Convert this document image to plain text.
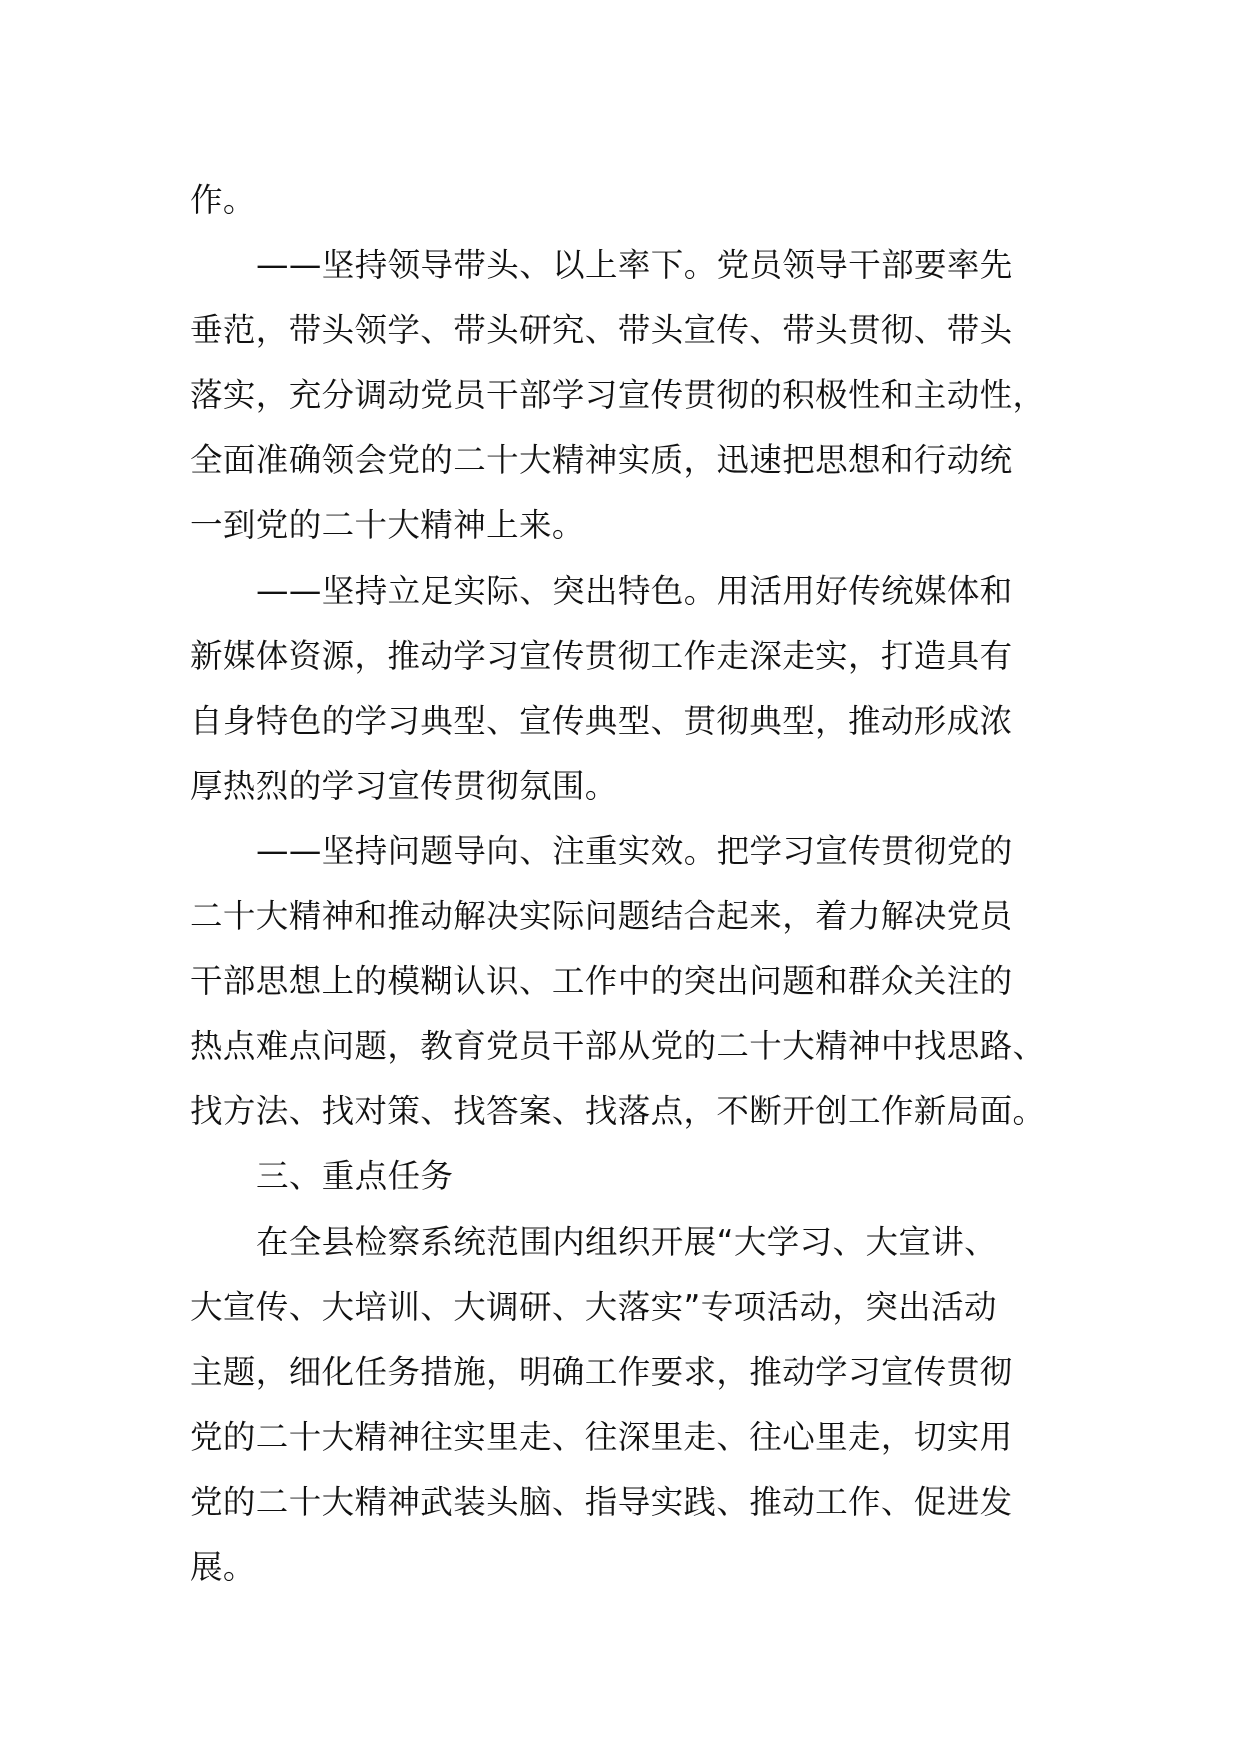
作。
——坚持领导带头、以上率下。党员领导干部要率先
垂范，带头领学、带头研究、带头宣传、带头贯彻、带头
落实，充分调动党员干部学习宣传贯彻的积极性和主动性，
全面准确领会党的二十大精神实质，迅速把思想和行动统
一到党的二十大精神上来。
——坚持立足实际、突出特色。用活用好传统媒体和
新媒体资源，推动学习宣传贯彻工作走深走实，打造具有
自身特色的学习典型、宣传典型、贯彻典型，推动形成浓
厚热烈的学习宣传贯彻氛围。
——坚持问题导向、注重实效。把学习宣传贯彻党的
二十大精神和推动解决实际问题结合起来，着力解决党员
干部思想上的模糊认识、工作中的突出问题和群众关注的
热点难点问题，教育党员干部从党的二十大精神中找思路、
找方法、找对策、找答案、找落点，不断开创工作新局面。
三、重点任务
在全县检察系统范围内组织开展“大学习、大宣讲、
大宣传、大培训、大调研、大落实”专项活动，突出活动
主题，细化任务措施，明确工作要求，推动学习宣传贯彻
党的二十大精神往实里走、往深里走、往心里走，切实用
党的二十大精神武装头脑、指导实践、推动工作、促进发
展。
